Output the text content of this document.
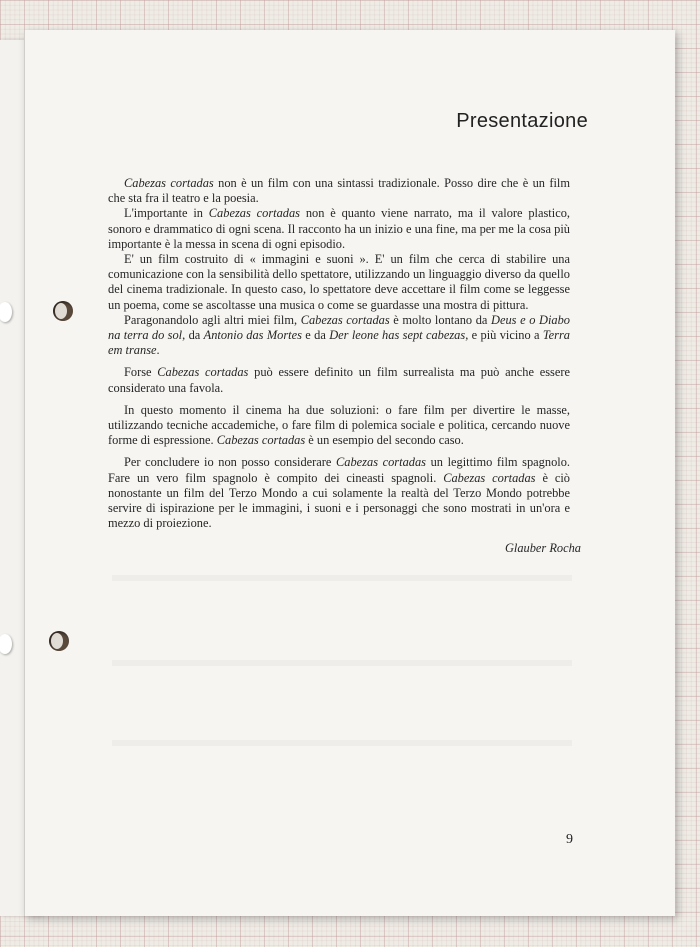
Presentazione

Cabezas cortadas non è un film con una sintassi tradizionale. Posso dire che è un film che sta fra il teatro e la poesia.

L'importante in Cabezas cortadas non è quanto viene narrato, ma il valore plastico, sonoro e drammatico di ogni scena. Il racconto ha un inizio e una fine, ma per me la cosa più importante è la messa in scena di ogni episodio.

E' un film costruito di « immagini e suoni ». E' un film che cerca di stabilire una comunicazione con la sensibilità dello spettatore, utilizzando un linguaggio diverso da quello del cinema tradizionale. In questo caso, lo spettatore deve accettare il film come se leggesse un poema, come se ascoltasse una musica o come se guardasse una mostra di pittura.

Paragonandolo agli altri miei film, Cabezas cortadas è molto lontano da Deus e o Diabo na terra do sol, da Antonio das Mortes e da Der leone has sept cabezas, e più vicino a Terra em transe.

Forse Cabezas cortadas può essere definito un film surrealista ma può anche essere considerato una favola.

In questo momento il cinema ha due soluzioni: o fare film per divertire le masse, utilizzando tecniche accademiche, o fare film di polemica sociale e politica, cercando nuove forme di espressione. Cabezas cortadas è un esempio del secondo caso.

Per concludere io non posso considerare Cabezas cortadas un legittimo film spagnolo. Fare un vero film spagnolo è compito dei cineasti spagnoli. Cabezas cortadas è ciò nonostante un film del Terzo Mondo a cui solamente la realtà del Terzo Mondo potrebbe servire di ispirazione per le immagini, i suoni e i personaggi che sono mostrati in un'ora e mezzo di proiezione.

Glauber Rocha
9
